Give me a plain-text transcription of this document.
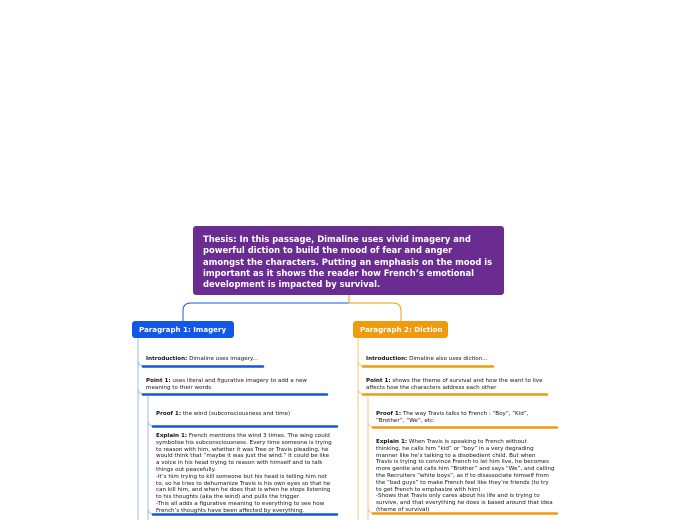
Thesis: In this passage, Dimaline uses vivid imagery and powerful diction to build the mood of fear and anger amongst the characters. Putting an emphasis on the mood is important as it shows the reader how French’s emotional development is impacted by survival.
Paragraph 1: Imagery	Paragraph 2: Diction
Introduction: Dimaline uses imagery...
Point 1: uses literal and figurative imagery to add a new meaning to their words
Proof 1: the wind (subconsciousness and time)
Explain 1: French mentions the wind 3 times. The wing could
symbolise his subconsciousness. Every time someone is trying
to reason with him, whether it was Tree or Travis pleading, he
would think that “maybe it was just the wind.” It could be like
a voice in his head trying to reason with himself and to talk
things out peacefully.
-It’s him trying to kill someone but his head is telling him not
to, so he tries to dehumanize Travis is his own eyes so that he
can kill him, and when he does that is when he stops listening
to his thoughts (aka the wind) and pulls the trigger
-This all adds a figurative meaning to everything to see how
French’s thoughts have been affected by everything.
Introduction: Dimaline also uses diction...
Point 1: shows the theme of survival and how the want to live affects how the characters address each other
Proof 1: The way Travis talks to French : “Boy”, “Kid”, “Brother”, “We”, etc.
Explain 1: When Travis is speaking to French without
thinking, he calls him “kid” or “boy” in a very degrading
manner like he’s talking to a disobedient child. But when
Travis is trying to convince French to let him live, he becomes
more gentle and calls him “Brother” and says “We”, and calling
the Recruiters “white boys”, as if to disassociate himself from
the “bad guys” to make French feel like they’re friends (to try
to get French to emphasize with him)
-Shows that Travis only cares about his life and is trying to
survive, and that everything he does is based around that idea
(theme of survival)
